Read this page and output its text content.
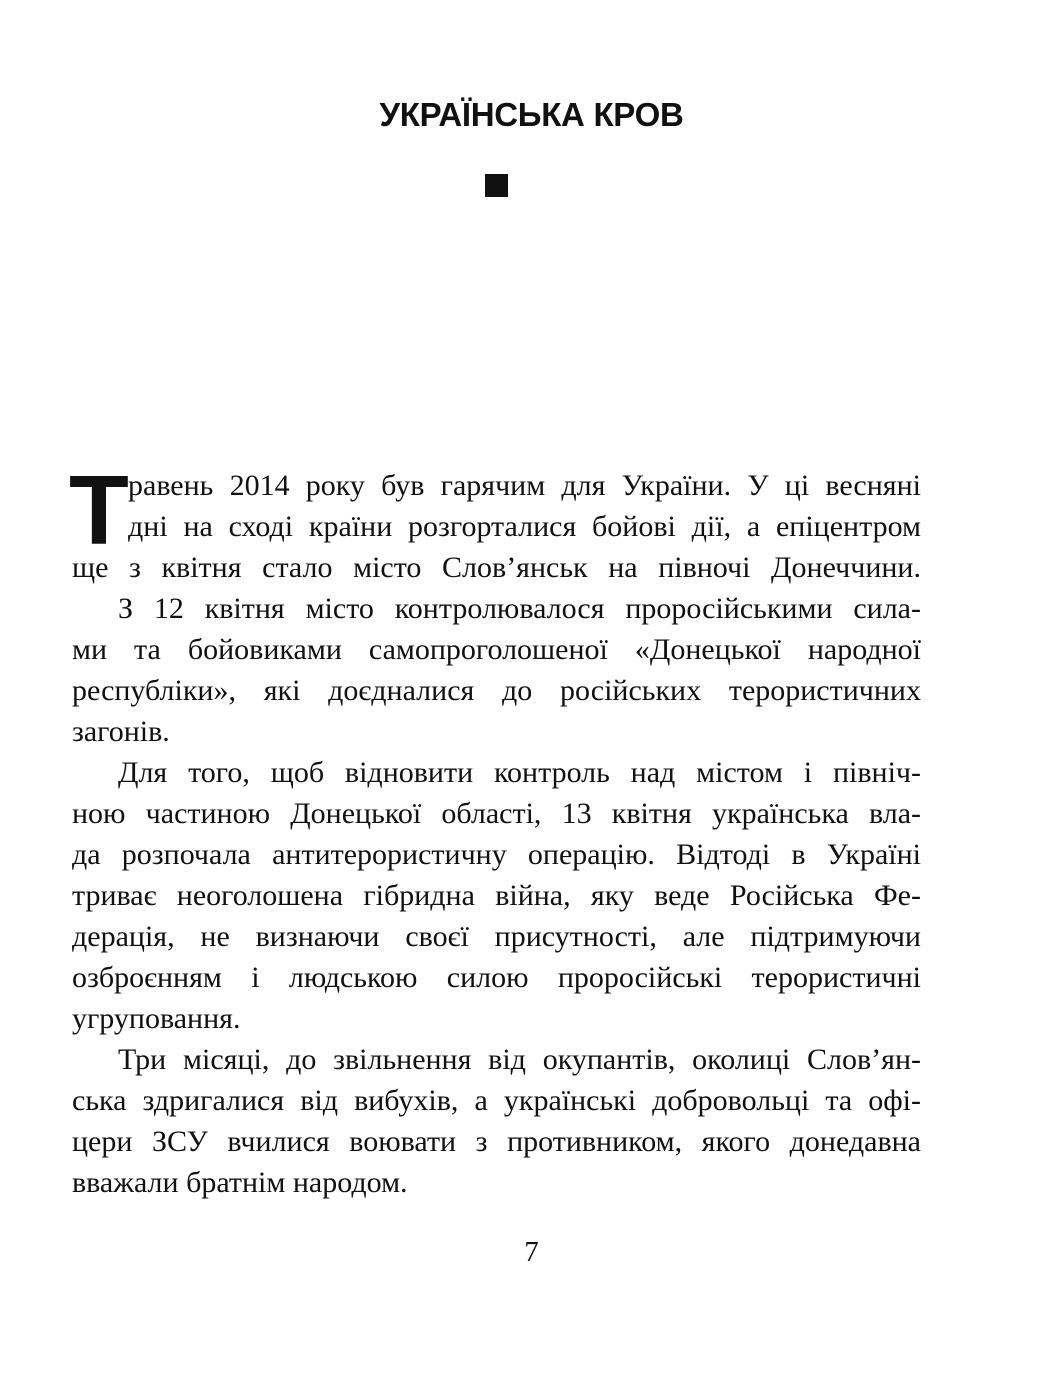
УКРАЇНСЬКА КРОВ
Т равень 2014 року був гарячим для України. У ці весняні
дні на сході країни розгорталися бойові дії, а епіцентром
ще з квітня стало місто Слов’янськ на півночі Донеччини.

З 12 квітня місто контролювалося проросійськими сила-
ми та бойовиками самопроголошеної «Донецької народної
республіки», які доєдналися до російських терористичних
загонів.

Для того, щоб відновити контроль над містом і північ-
ною частиною Донецької області, 13 квітня українська вла-
да розпочала антитерористичну операцію. Відтоді в Україні
триває неоголошена гібридна війна, яку веде Російська Фе-
дерація, не визнаючи своєї присутності, але підтримуючи
озброєнням і людською силою проросійські терористичні
угруповання.

Три місяці, до звільнення від окупантів, околиці Слов’ян-
ська здригалися від вибухів, а українські добровольці та офі-
цери ЗСУ вчилися воювати з противником, якого донедавна
вважали братнім народом.

7
